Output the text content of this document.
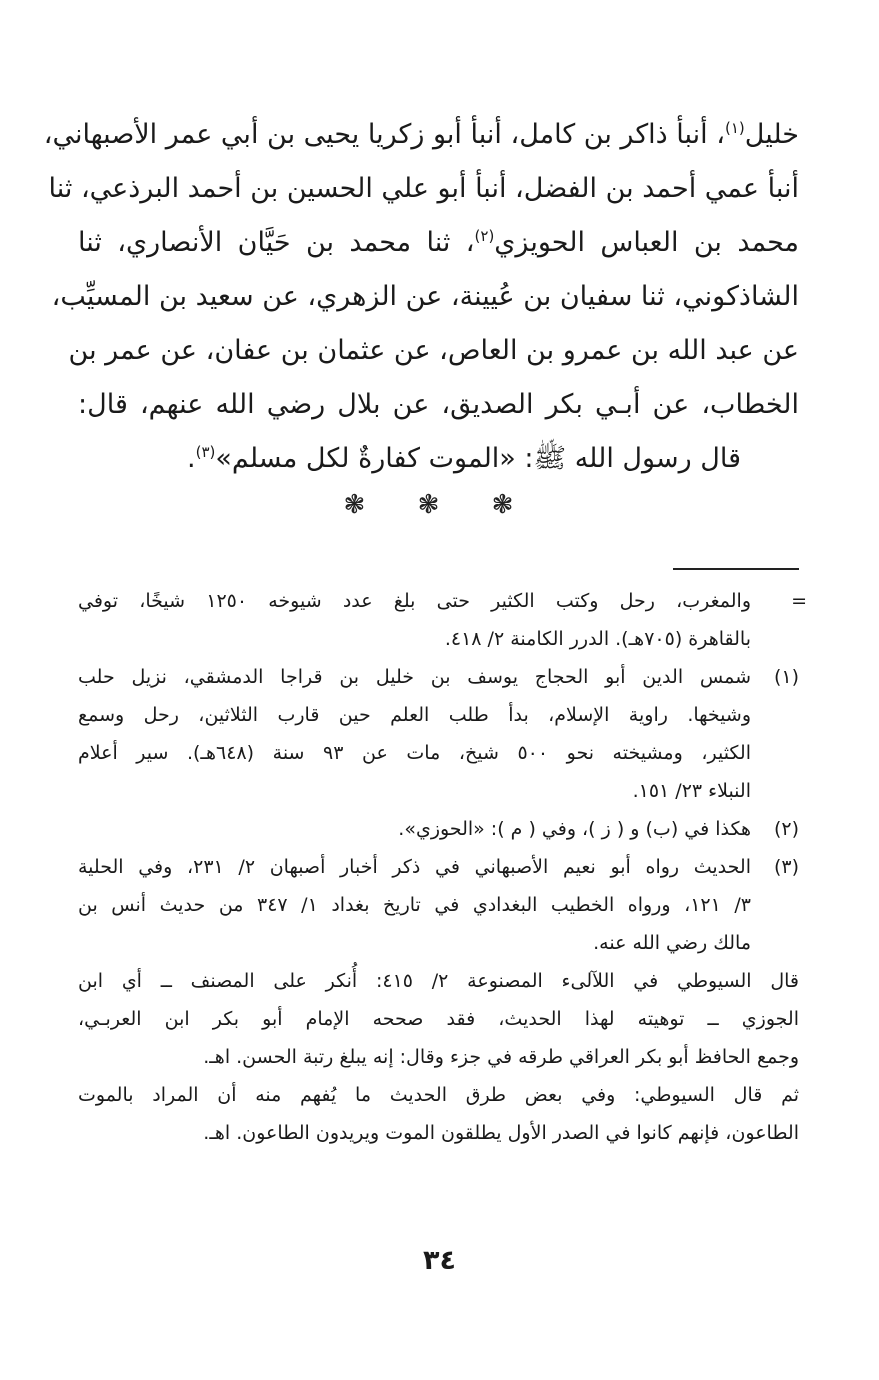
خليل$^{(١)}$، أنبأ ذاكر بن كامل، أنبأ أبو زكريا يحيى بن أبي عمر الأصبهاني،
أنبأ عمي أحمد بن الفضل، أنبأ أبو علي الحسين بن أحمد البرذعي، ثنا
محمد بن العباس الحويزي$^{(٢)}$، ثنا محمد بن حَيَّان الأنصاري، ثنا
الشاذكوني، ثنا سفيان بن عُيينة، عن الزهري، عن سعيد بن المسيِّب،
عن عبد الله بن عمرو بن العاص، عن عثمان بن عفان، عن عمر بن
الخطاب، عن أبـي بكر الصديق، عن بلال رضي الله عنهم، قال:
قال رسول الله ﷺ: «الموت كفارةٌ لكل مسلم»$^{(٣)}$.
❃ ❃ ❃
=
والمغرب، رحل وكتب الكثير حتى بلغ عدد شيوخه ١٢٥٠ شيخًا، توفي
بالقاهرة (٧٠٥هـ). الدرر الكامنة ٢/ ٤١٨.
(١)
شمس الدين أبو الحجاج يوسف بن خليل بن قراجا الدمشقي، نزيل حلب
وشيخها. راوية الإسلام، بدأ طلب العلم حين قارب الثلاثين، رحل وسمع
الكثير، ومشيخته نحو ٥٠٠ شيخ، مات عن ٩٣ سنة (٦٤٨هـ). سير أعلام
النبلاء ٢٣/ ١٥١.
(٢)
هكذا في (ب) و ( ز )، وفي ( م ): «الحوزي».
(٣)
الحديث رواه أبو نعيم الأصبهاني في ذكر أخبار أصبهان ٢/ ٢٣١، وفي الحلية
٣/ ١٢١، ورواه الخطيب البغدادي في تاريخ بغداد ١/ ٣٤٧ من حديث أنس بن
مالك رضي الله عنه.
قال السيوطي في اللآلىء المصنوعة ٢/ ٤١٥: أُنكر على المصنف ــ أي ابن
الجوزي ــ توهيته لهذا الحديث، فقد صححه الإمام أبو بكر ابن العربـي،
وجمع الحافظ أبو بكر العراقي طرقه في جزء وقال: إنه يبلغ رتبة الحسن. اهـ.
ثم قال السيوطي: وفي بعض طرق الحديث ما يُفهم منه أن المراد بالموت
الطاعون، فإنهم كانوا في الصدر الأول يطلقون الموت ويريدون الطاعون. اهـ.
٣٤
